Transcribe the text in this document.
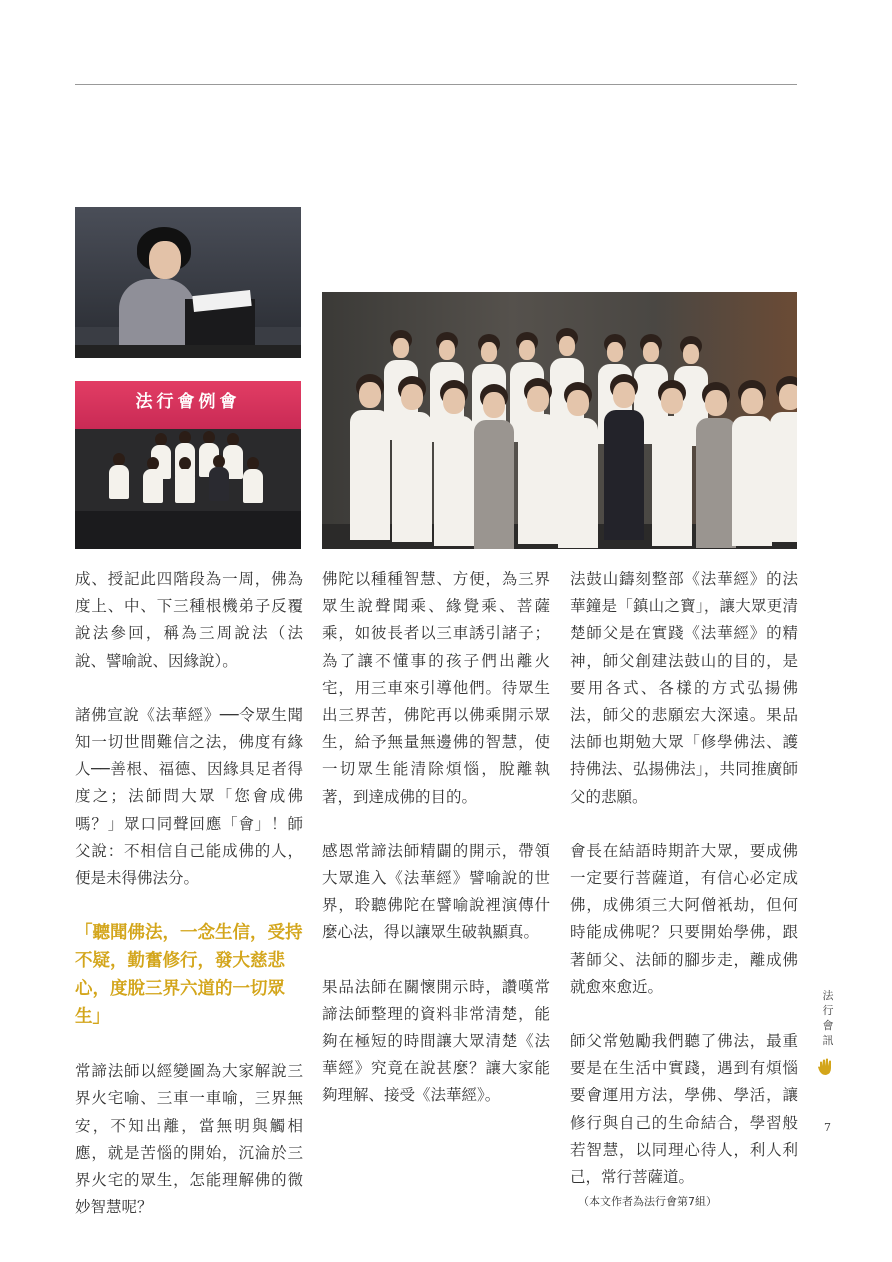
法行會例會

成、授記此四階段為一周，佛為度上、中、下三種根機弟子反覆說法參回，稱為三周說法（法說、譬喻說、因緣說）。

諸佛宣說《法華經》──令眾生聞知一切世間難信之法，佛度有緣人──善根、福德、因緣具足者得度之；法師問大眾「您會成佛嗎？」眾口同聲回應「會」！師父說：不相信自己能成佛的人，便是未得佛法分。

「聽聞佛法，一念生信，受持不疑，勤奮修行，發大慈悲心，度脫三界六道的一切眾生」

常諦法師以經變圖為大家解說三界火宅喻、三車一車喻，三界無安，不知出離，當無明與觸相應，就是苦惱的開始，沉淪於三界火宅的眾生，怎能理解佛的微妙智慧呢？

佛陀以種種智慧、方便，為三界眾生說聲聞乘、緣覺乘、菩薩乘，如彼長者以三車誘引諸子；為了讓不懂事的孩子們出離火宅，用三車來引導他們。待眾生出三界苦，佛陀再以佛乘開示眾生，給予無量無邊佛的智慧，使一切眾生能清除煩惱，脫離執著，到達成佛的目的。

感恩常諦法師精闢的開示，帶領大眾進入《法華經》譬喻說的世界，聆聽佛陀在譬喻說裡演傳什麼心法，得以讓眾生破執顯真。

果品法師在關懷開示時，讚嘆常諦法師整理的資料非常清楚，能夠在極短的時間讓大眾清楚《法華經》究竟在說甚麼？讓大家能夠理解、接受《法華經》。

法鼓山鑄刻整部《法華經》的法華鐘是「鎮山之寶」，讓大眾更清楚師父是在實踐《法華經》的精神，師父創建法鼓山的目的，是要用各式、各樣的方式弘揚佛法，師父的悲願宏大深遠。果品法師也期勉大眾「修學佛法、護持佛法、弘揚佛法」，共同推廣師父的悲願。

會長在結語時期許大眾，要成佛一定要行菩薩道，有信心必定成佛，成佛須三大阿僧衹劫，但何時能成佛呢？只要開始學佛，跟著師父、法師的腳步走，離成佛就愈來愈近。

師父常勉勵我們聽了佛法，最重要是在生活中實踐，遇到有煩惱要會運用方法，學佛、學活，讓修行與自己的生命結合，學習般若智慧，以同理心待人，利人利己，常行菩薩道。

（本文作者為法行會第7組）
法行會訊
7
